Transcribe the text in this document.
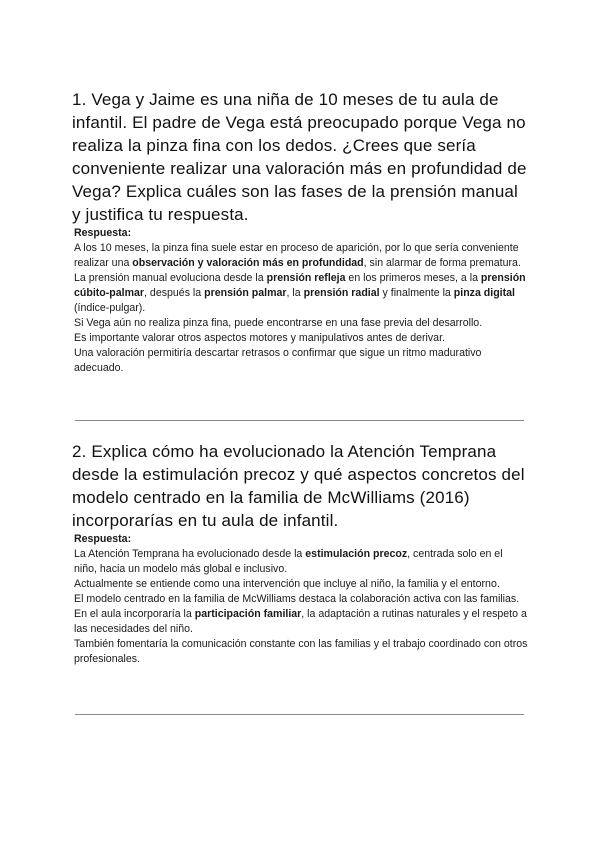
1. Vega y Jaime es una niña de 10 meses de tu aula de infantil. El padre de Vega está preocupado porque Vega no realiza la pinza fina con los dedos. ¿Crees que sería conveniente realizar una valoración más en profundidad de Vega? Explica cuáles son las fases de la prensión manual y justifica tu respuesta.

Respuesta:

A los 10 meses, la pinza fina suele estar en proceso de aparición, por lo que sería conveniente realizar una observación y valoración más en profundidad, sin alarmar de forma prematura.

La prensión manual evoluciona desde la prensión refleja en los primeros meses, a la prensión cúbito-palmar, después la prensión palmar, la prensión radial y finalmente la pinza digital (índice-pulgar).

Si Vega aún no realiza pinza fina, puede encontrarse en una fase previa del desarrollo.

Es importante valorar otros aspectos motores y manipulativos antes de derivar.

Una valoración permitiría descartar retrasos o confirmar que sigue un ritmo madurativo adecuado.

2. Explica cómo ha evolucionado la Atención Temprana desde la estimulación precoz y qué aspectos concretos del modelo centrado en la familia de McWilliams (2016) incorporarías en tu aula de infantil.

Respuesta:

La Atención Temprana ha evolucionado desde la estimulación precoz, centrada solo en el niño, hacia un modelo más global e inclusivo.

Actualmente se entiende como una intervención que incluye al niño, la familia y el entorno.

El modelo centrado en la familia de McWilliams destaca la colaboración activa con las familias.

En el aula incorporaría la participación familiar, la adaptación a rutinas naturales y el respeto a las necesidades del niño.

También fomentaría la comunicación constante con las familias y el trabajo coordinado con otros profesionales.
